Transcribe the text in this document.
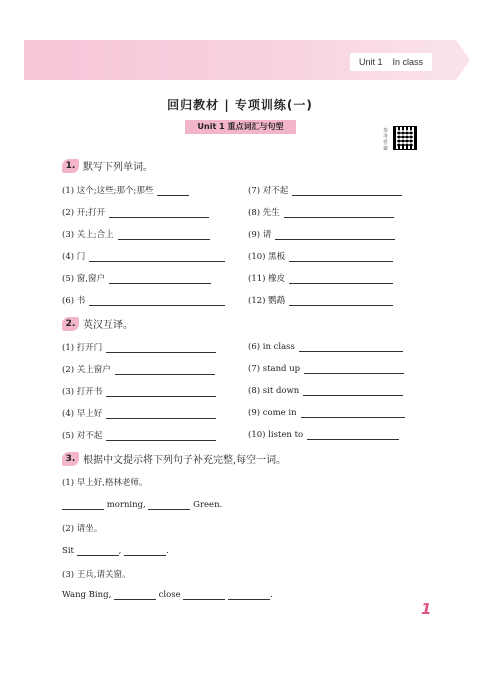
Unit 1 In class
回归教材 | 专项训练(一)
Unit 1 重点词汇与句型	参考答案
1. 默写下列单词。
(1) 这个;这些;那个;那些
(2) 开;打开
(3) 关上;合上
(4) 门
(5) 窗,窗户
(6) 书
(7) 对不起
(8) 先生
(9) 请
(10) 黑板
(11) 橡皮
(12) 鹦鹉
2. 英汉互译。
(1) 打开门
(2) 关上窗户
(3) 打开书
(4) 早上好
(5) 对不起
(6) in class
(7) stand up
(8) sit down
(9) come in
(10) listen to
3. 根据中文提示将下列句子补充完整,每空一词。
(1) 早上好,格林老师。
morning,	Green.
(2) 请坐。
Sit	,	.
(3) 王兵,请关窗。
Wang Bing,	close	.
1
